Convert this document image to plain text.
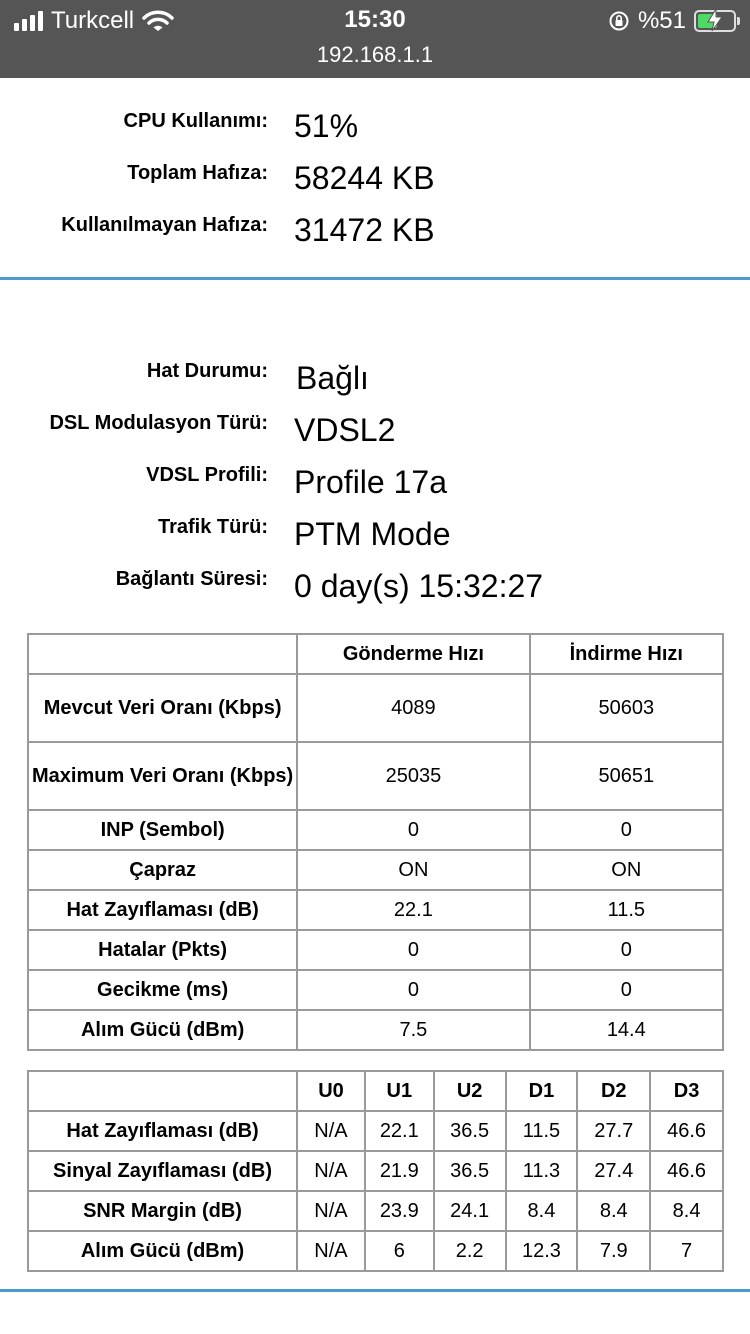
Turkcell	15:30
192.168.1.1
%51
CPU Kullanımı: 51%
Toplam Hafıza: 58244 KB
Kullanılmayan Hafıza: 31472 KB
Hat Durumu: Bağlı
DSL Modulasyon Türü: VDSL2
VDSL Profili: Profile 17a
Trafik Türü: PTM Mode
Bağlantı Süresi: 0 day(s) 15:32:27
	Gönderme Hızı	İndirme Hızı
Mevcut Veri Oranı (Kbps)	4089	50603
Maximum Veri Oranı (Kbps)	25035	50651
INP (Sembol)	0	0
Çapraz	ON	ON
Hat Zayıflaması (dB)	22.1	11.5
Hatalar (Pkts)	0	0
Gecikme (ms)	0	0
Alım Gücü (dBm)	7.5	14.4
	U0	U1	U2	D1	D2	D3
Hat Zayıflaması (dB)	N/A	22.1	36.5	11.5	27.7	46.6
Sinyal Zayıflaması (dB)	N/A	21.9	36.5	11.3	27.4	46.6
SNR Margin (dB)	N/A	23.9	24.1	8.4	8.4	8.4
Alım Gücü (dBm)	N/A	6	2.2	12.3	7.9	7
